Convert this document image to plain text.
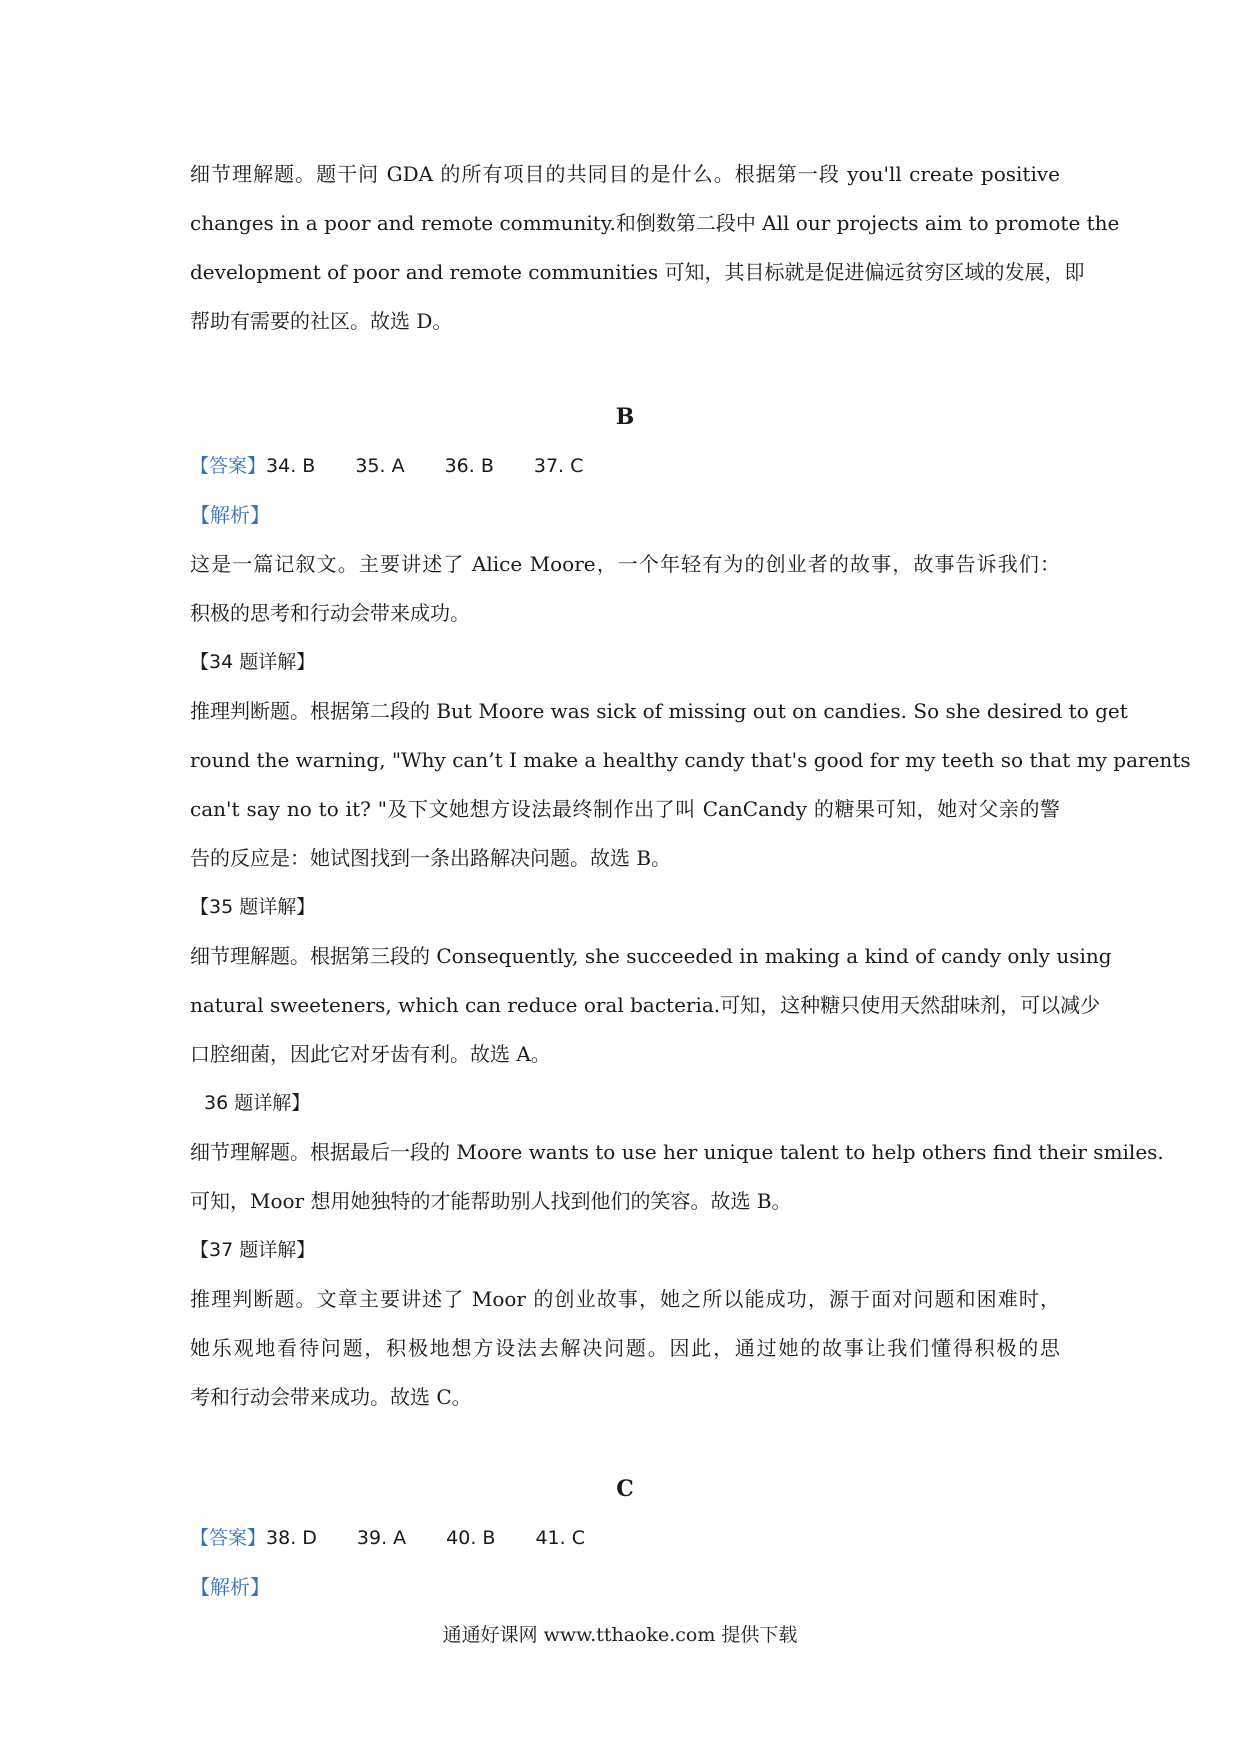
细节理解题。题干问 GDA 的所有项目的共同目的是什么。根据第一段 you'll create positive
changes in a poor and remote community.和倒数第二段中 All our projects aim to promote the
development of poor and remote communities 可知，其目标就是促进偏远贫穷区域的发展，即
帮助有需要的社区。故选 D。
B
【答案】34. B 35. A 36. B 37. C
【解析】
这是一篇记叙文。主要讲述了 Alice Moore，一个年轻有为的创业者的故事，故事告诉我们：
积极的思考和行动会带来成功。
【34 题详解】
推理判断题。根据第二段的 But Moore was sick of missing out on candies. So she desired to get
round the warning, "Why can’t I make a healthy candy that's good for my teeth so that my parents
can't say no to it? "及下文她想方设法最终制作出了叫 CanCandy 的糖果可知，她对父亲的警
告的反应是：她试图找到一条出路解决问题。故选 B。
【35 题详解】
细节理解题。根据第三段的 Consequently, she succeeded in making a kind of candy only using
natural sweeteners, which can reduce oral bacteria.可知，这种糖只使用天然甜味剂，可以减少
口腔细菌，因此它对牙齿有利。故选 A。
36 题详解】
细节理解题。根据最后一段的 Moore wants to use her unique talent to help others find their smiles.
可知，Moor 想用她独特的才能帮助别人找到他们的笑容。故选 B。
【37 题详解】
推理判断题。文章主要讲述了 Moor 的创业故事，她之所以能成功，源于面对问题和困难时，
她乐观地看待问题，积极地想方设法去解决问题。因此，通过她的故事让我们懂得积极的思
考和行动会带来成功。故选 C。
C
【答案】38. D 39. A 40. B 41. C
【解析】
通通好课网 www.tthaoke.com 提供下载
